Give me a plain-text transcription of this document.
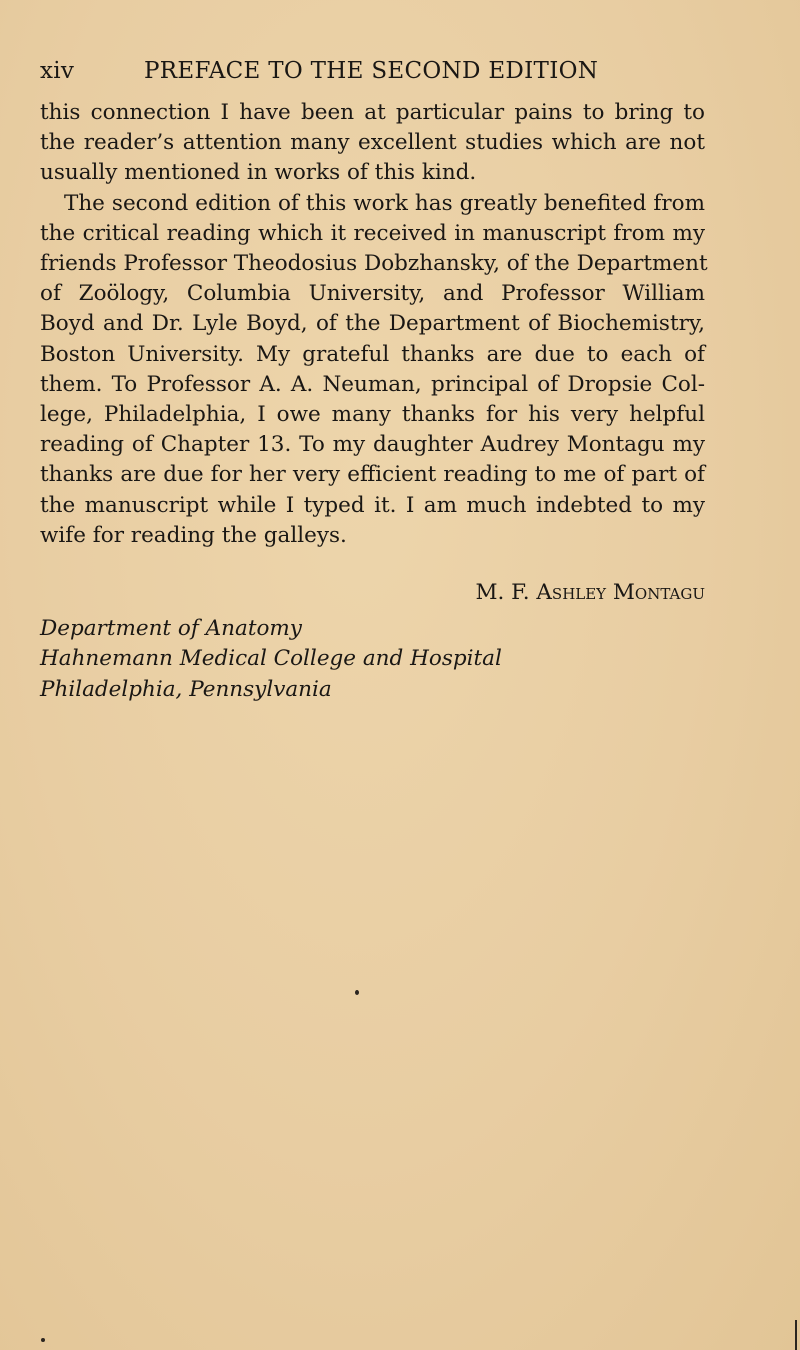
xiv	PREFACE TO THE SECOND EDITION

this connection I have been at particular pains to bring to
the reader’s attention many excellent studies which are not
usually mentioned in works of this kind.

The second edition of this work has greatly benefited from
the critical reading which it received in manuscript from my
friends Professor Theodosius Dobzhansky, of the Department
of Zoölogy, Columbia University, and Professor William
Boyd and Dr. Lyle Boyd, of the Department of Biochemistry,
Boston University. My grateful thanks are due to each of
them. To Professor A. A. Neuman, principal of Dropsie Col-
lege, Philadelphia, I owe many thanks for his very helpful
reading of Chapter 13. To my daughter Audrey Montagu my
thanks are due for her very efficient reading to me of part of
the manuscript while I typed it. I am much indebted to my
wife for reading the galleys.

M. F. Ashley Montagu
Department of Anatomy
Hahnemann Medical College and Hospital
Philadelphia, Pennsylvania
